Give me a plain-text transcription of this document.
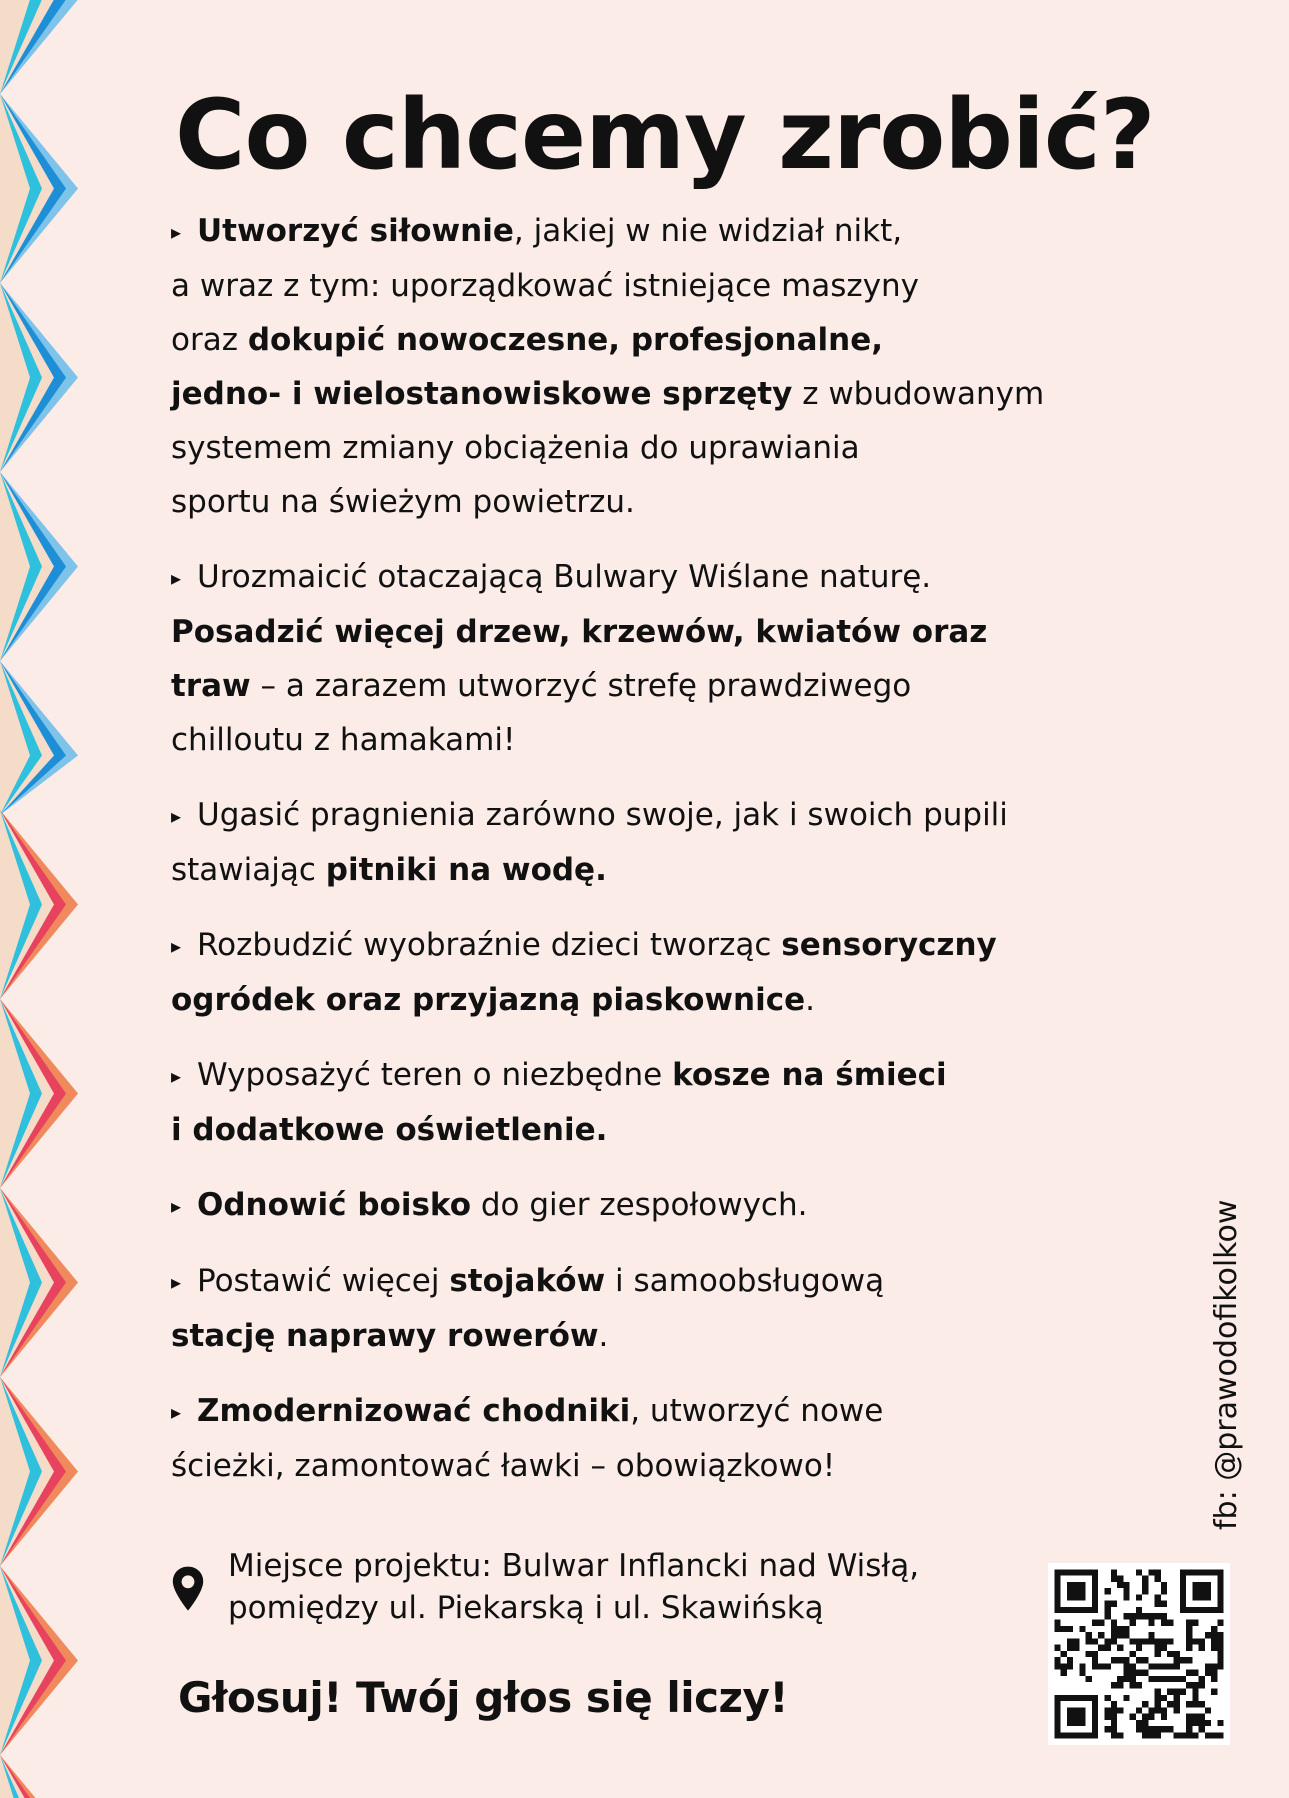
Co chcemy zrobić?
▸ Utworzyć siłownie, jakiej w nie widział nikt,
a wraz z tym: uporządkować istniejące maszyny
oraz dokupić nowoczesne, profesjonalne,
jedno- i wielostanowiskowe sprzęty z wbudowanym
systemem zmiany obciążenia do uprawiania
sportu na świeżym powietrzu.
▸ Urozmaicić otaczającą Bulwary Wiślane naturę.
Posadzić więcej drzew, krzewów, kwiatów oraz
traw – a zarazem utworzyć strefę prawdziwego
chilloutu z hamakami!
▸ Ugasić pragnienia zarówno swoje, jak i swoich pupili
stawiając pitniki na wodę.
▸ Rozbudzić wyobraźnie dzieci tworząc sensoryczny
ogródek oraz przyjazną piaskownice.
▸ Wyposażyć teren o niezbędne kosze na śmieci
i dodatkowe oświetlenie.
▸ Odnowić boisko do gier zespołowych.
▸ Postawić więcej stojaków i samoobsługową
stację naprawy rowerów.
▸ Zmodernizować chodniki, utworzyć nowe
ścieżki, zamontować ławki – obowiązkowo!
Miejsce projektu: Bulwar Inflancki nad Wisłą,
pomiędzy ul. Piekarską i ul. Skawińską
Głosuj! Twój głos się liczy!
fb: @prawodofikolkow
